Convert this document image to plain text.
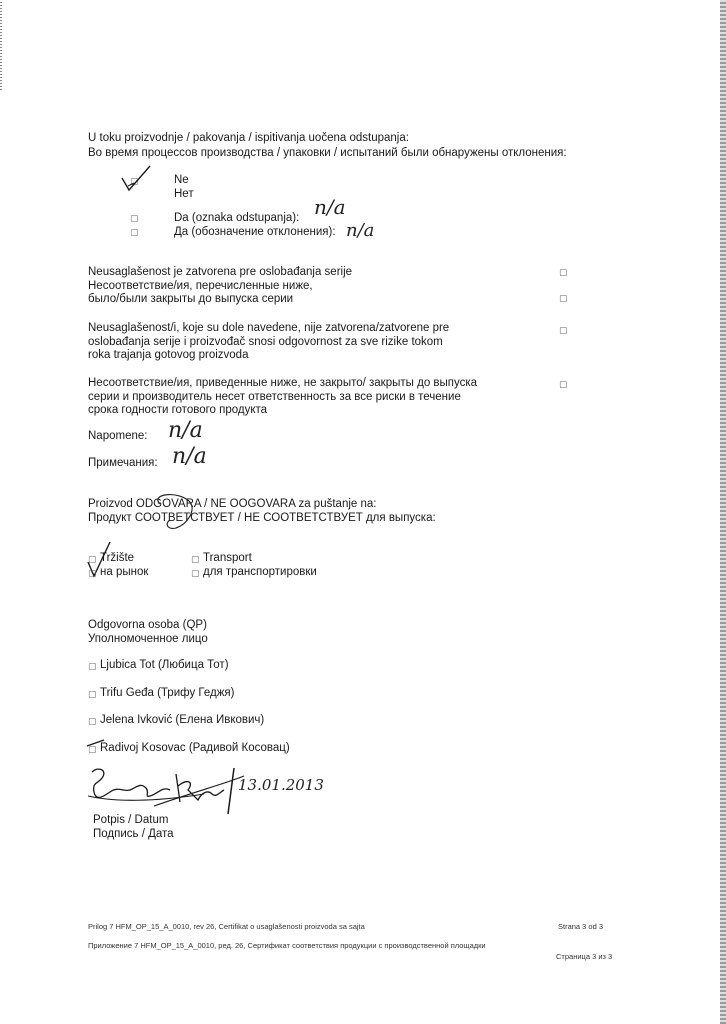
U toku proizvodnje / pakovanja / ispitivanja uočena odstupanja:
Во время процессов производства / упаковки / испытаний были обнаружены отклонения:
▢	Ne
Нет
▢
▢
Da (oznaka odstupanja):
Да (обозначение отклонения):
n/a
n/a
Neusaglašenost je zatvorena pre oslobađanja serije
Несоответствие/ия, перечисленные ниже,
было/были закрыты до выпуска серии
▢
▢
Neusaglašenost/i, koje su dole navedene, nije zatvorena/zatvorene pre
oslobađanja serije i proizvođač snosi odgovornost za sve rizike tokom
roka trajanja gotovog proizvoda
▢
Несоответствие/ия, приведенные ниже, не закрыто/ закрыты до выпуска
серии и производитель несет ответственность за все риски в течение
срока годности готового продукта
▢
Napomene: n/a
Примечания: n/a
Proizvod ODGOVARA / NE OOGOVARA za puštanje na:
Продукт СООТВЕТСТВУЕТ / НЕ СООТВЕТСТВУЕТ для выпуска:
▢ Tržište
▢ на рынок
▢ Transport
▢ для транспортировки
Odgovorna osoba (QP)
Уполномоченное лицо
▢ Ljubica Tot (Любица Тот)
▢ Trifu Geđa (Трифу Геджя)
▢ Jelena Ivković (Елена Ивкович)
▢ Radivoj Kosovac (Радивой Косовац)
13.01.2013
Potpis / Datum
Подпись / Дата
Prilog 7 HFM_OP_15_A_0010, rev 26, Certifikat o usaglašenosti proizvoda sa sajta	Strana 3 od 3
Приложение 7 HFM_OP_15_A_0010, ред. 26, Сертификат соответствия продукции с производственной площадки
Страница 3 из 3
